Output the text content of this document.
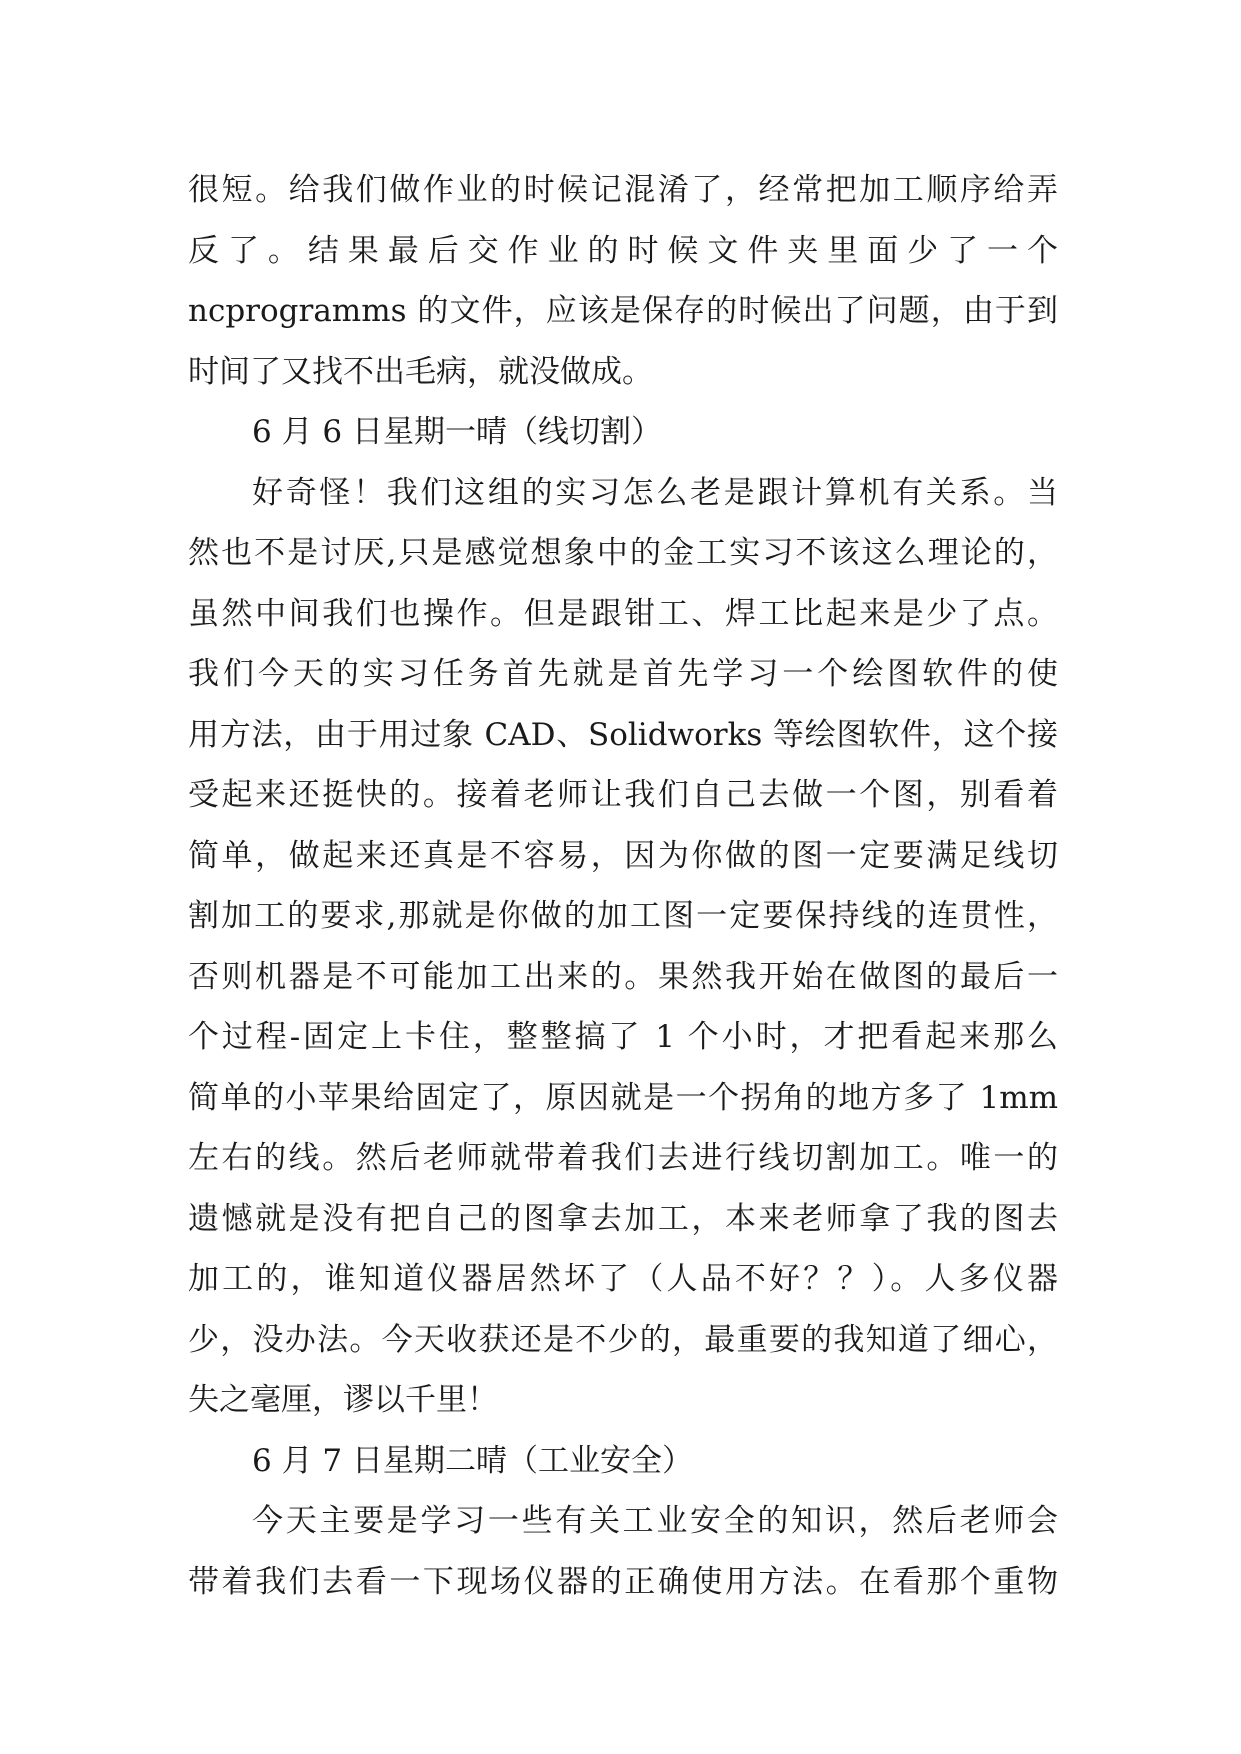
很短。给我们做作业的时候记混淆了，经常把加工顺序给弄
反了。结果最后交作业的时候文件夹里面少了一个
ncprogramms 的文件，应该是保存的时候出了问题，由于到
时间了又找不出毛病，就没做成。
6 月 6 日星期一晴（线切割）
好奇怪！我们这组的实习怎么老是跟计算机有关系。当
然也不是讨厌,只是感觉想象中的金工实习不该这么理论的，
虽然中间我们也操作。但是跟钳工、焊工比起来是少了点。
我们今天的实习任务首先就是首先学习一个绘图软件的使
用方法，由于用过象 CAD、Solidworks 等绘图软件，这个接
受起来还挺快的。接着老师让我们自己去做一个图，别看着
简单，做起来还真是不容易，因为你做的图一定要满足线切
割加工的要求,那就是你做的加工图一定要保持线的连贯性，
否则机器是不可能加工出来的。果然我开始在做图的最后一
个过程-固定上卡住，整整搞了 1 个小时，才把看起来那么
简单的小苹果给固定了，原因就是一个拐角的地方多了 1mm
左右的线。然后老师就带着我们去进行线切割加工。唯一的
遗憾就是没有把自己的图拿去加工，本来老师拿了我的图去
加工的，谁知道仪器居然坏了（人品不好？？）。人多仪器
少，没办法。今天收获还是不少的，最重要的我知道了细心，
失之毫厘，谬以千里！
6 月 7 日星期二晴（工业安全）
今天主要是学习一些有关工业安全的知识，然后老师会
带着我们去看一下现场仪器的正确使用方法。在看那个重物
